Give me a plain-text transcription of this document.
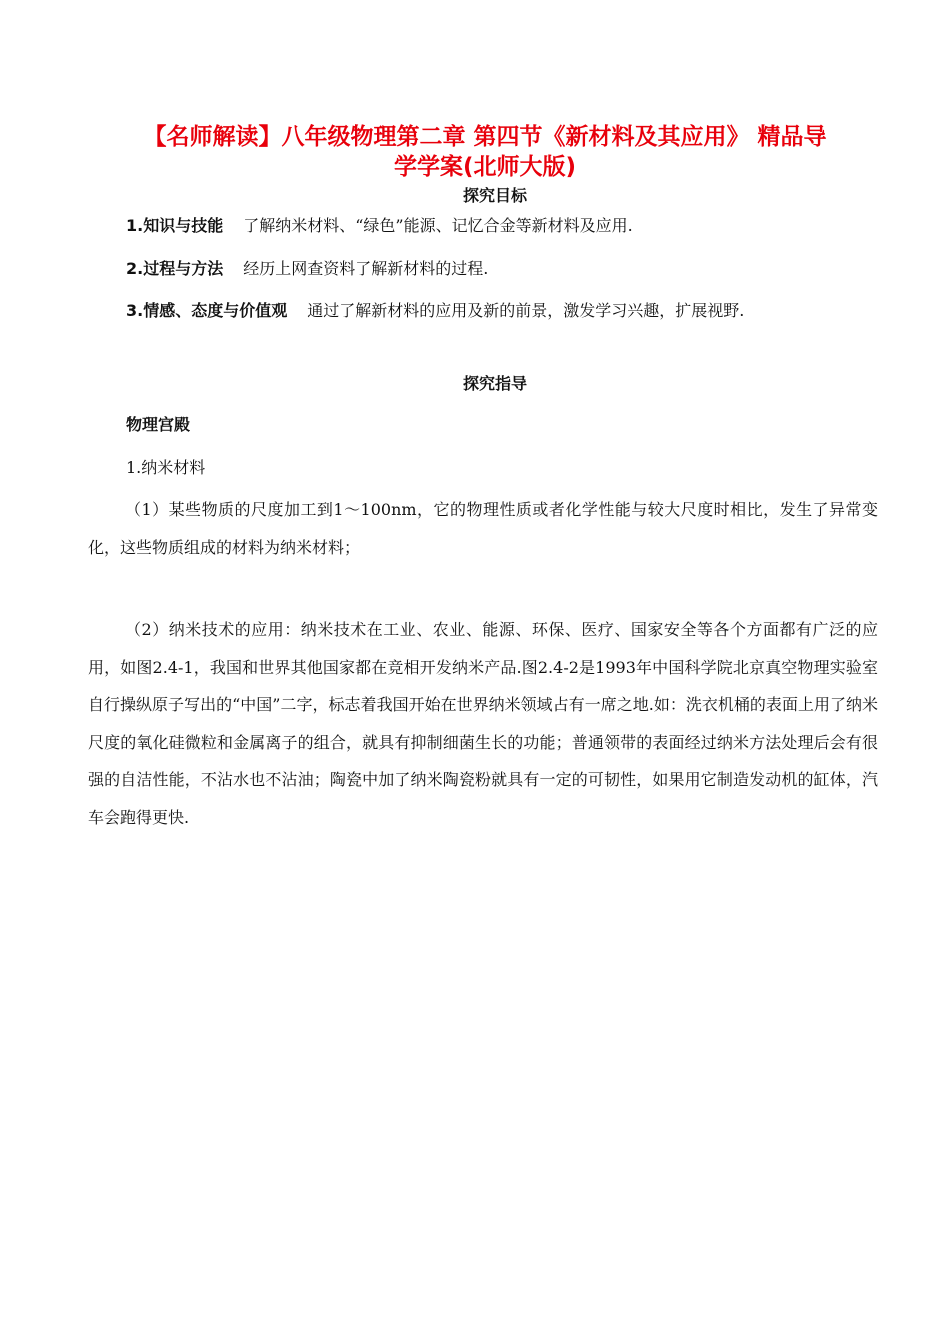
【名师解读】八年级物理第二章 第四节《新材料及其应用》 精品导
学学案(北师大版)
探究目标
1.知识与技能 了解纳米材料、“绿色”能源、记忆合金等新材料及应用.
2.过程与方法 经历上网查资料了解新材料的过程.
3.情感、态度与价值观 通过了解新材料的应用及新的前景，激发学习兴趣，扩展视野.
探究指导
物理宫殿
1.纳米材料
（1）某些物质的尺度加工到1～100nm，它的物理性质或者化学性能与较大尺度时相比，发生了异常变化，这些物质组成的材料为纳米材料；
（2）纳米技术的应用：纳米技术在工业、农业、能源、环保、医疗、国家安全等各个方面都有广泛的应用，如图2.4-1，我国和世界其他国家都在竞相开发纳米产品.图2.4-2是1993年中国科学院北京真空物理实验室自行操纵原子写出的“中国”二字，标志着我国开始在世界纳米领域占有一席之地.如：洗衣机桶的表面上用了纳米尺度的氧化硅微粒和金属离子的组合，就具有抑制细菌生长的功能；普通领带的表面经过纳米方法处理后会有很强的自洁性能，不沾水也不沾油；陶瓷中加了纳米陶瓷粉就具有一定的可韧性，如果用它制造发动机的缸体，汽车会跑得更快.
